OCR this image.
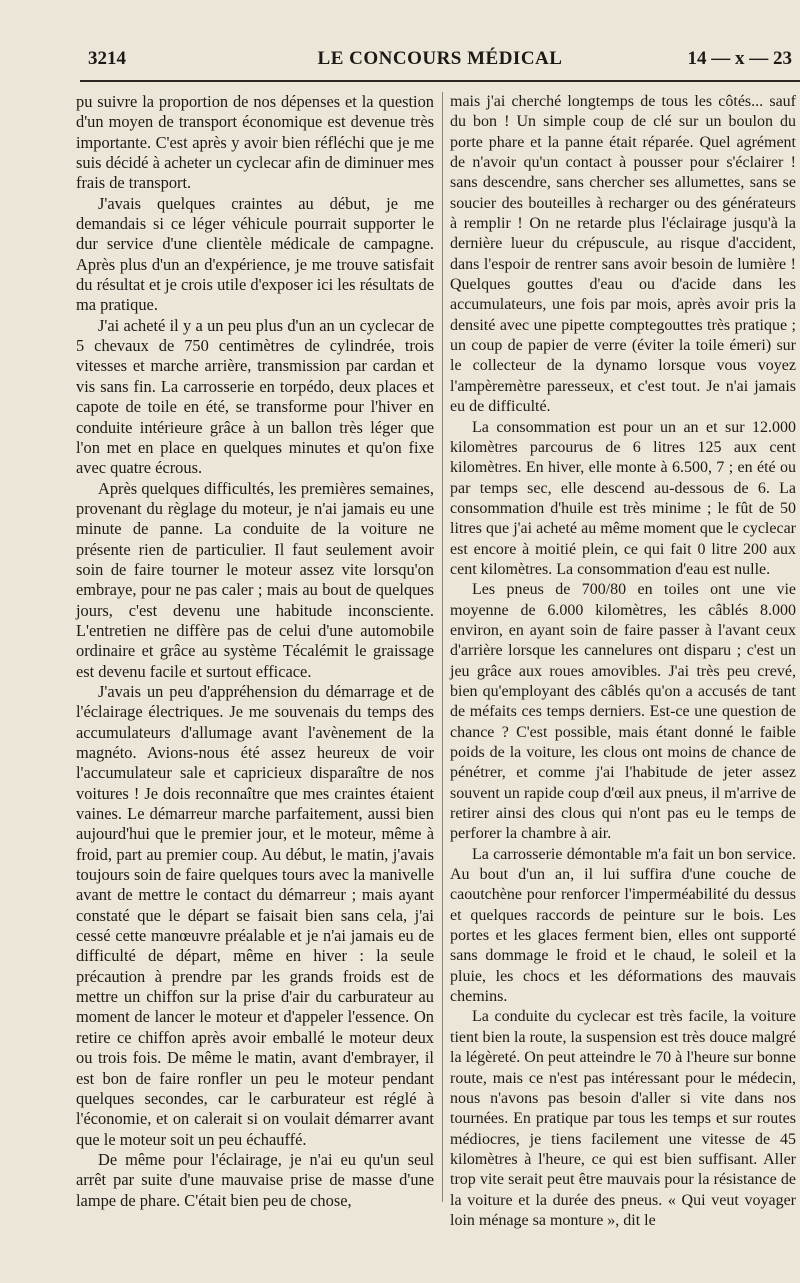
3214	LE CONCOURS MÉDICAL	14 — x — 23

pu suivre la proportion de nos dépenses et la question d'un moyen de transport économique est devenue très importante. C'est après y avoir bien réfléchi que je me suis décidé à acheter un cyclecar afin de diminuer mes frais de transport.

J'avais quelques craintes au début, je me demandais si ce léger véhicule pourrait supporter le dur service d'une clientèle médicale de campagne. Après plus d'un an d'expérience, je me trouve satisfait du résultat et je crois utile d'exposer ici les résultats de ma pratique.

J'ai acheté il y a un peu plus d'un an un cyclecar de 5 chevaux de 750 centimètres de cylindrée, trois vitesses et marche arrière, transmission par cardan et vis sans fin. La carrosserie en torpédo, deux places et capote de toile en été, se transforme pour l'hiver en conduite intérieure grâce à un ballon très léger que l'on met en place en quelques minutes et qu'on fixe avec quatre écrous.

Après quelques difficultés, les premières semaines, provenant du règlage du moteur, je n'ai jamais eu une minute de panne. La conduite de la voiture ne présente rien de particulier. Il faut seulement avoir soin de faire tourner le moteur assez vite lorsqu'on embraye, pour ne pas caler ; mais au bout de quelques jours, c'est devenu une habitude inconsciente. L'entretien ne diffère pas de celui d'une automobile ordinaire et grâce au système Técalémit le graissage est devenu facile et surtout efficace.

J'avais un peu d'appréhension du démarrage et de l'éclairage électriques. Je me souvenais du temps des accumulateurs d'allumage avant l'avènement de la magnéto. Avions-nous été assez heureux de voir l'accumulateur sale et capricieux disparaître de nos voitures ! Je dois reconnaître que mes craintes étaient vaines. Le démarreur marche parfaitement, aussi bien aujourd'hui que le premier jour, et le moteur, même à froid, part au premier coup. Au début, le matin, j'avais toujours soin de faire quelques tours avec la manivelle avant de mettre le contact du démarreur ; mais ayant constaté que le départ se faisait bien sans cela, j'ai cessé cette manœuvre préalable et je n'ai jamais eu de difficulté de départ, même en hiver : la seule précaution à prendre par les grands froids est de mettre un chiffon sur la prise d'air du carburateur au moment de lancer le moteur et d'appeler l'essence. On retire ce chiffon après avoir emballé le moteur deux ou trois fois. De même le matin, avant d'embrayer, il est bon de faire ronfler un peu le moteur pendant quelques secondes, car le carburateur est réglé à l'économie, et on calerait si on voulait démarrer avant que le moteur soit un peu échauffé.

De même pour l'éclairage, je n'ai eu qu'un seul arrêt par suite d'une mauvaise prise de masse d'une lampe de phare. C'était bien peu de chose,

mais j'ai cherché longtemps de tous les côtés... sauf du bon ! Un simple coup de clé sur un boulon du porte phare et la panne était réparée. Quel agrément de n'avoir qu'un contact à pousser pour s'éclairer ! sans descendre, sans chercher ses allumettes, sans se soucier des bouteilles à recharger ou des générateurs à remplir ! On ne retarde plus l'éclairage jusqu'à la dernière lueur du crépuscule, au risque d'accident, dans l'espoir de rentrer sans avoir besoin de lumière ! Quelques gouttes d'eau ou d'acide dans les accumulateurs, une fois par mois, après avoir pris la densité avec une pipette comptegouttes très pratique ; un coup de papier de verre (éviter la toile émeri) sur le collecteur de la dynamo lorsque vous voyez l'ampèremètre paresseux, et c'est tout. Je n'ai jamais eu de difficulté.

La consommation est pour un an et sur 12.000 kilomètres parcourus de 6 litres 125 aux cent kilomètres. En hiver, elle monte à 6.500, 7 ; en été ou par temps sec, elle descend au-dessous de 6. La consommation d'huile est très minime ; le fût de 50 litres que j'ai acheté au même moment que le cyclecar est encore à moitié plein, ce qui fait 0 litre 200 aux cent kilomètres. La consommation d'eau est nulle.

Les pneus de 700/80 en toiles ont une vie moyenne de 6.000 kilomètres, les câblés 8.000 environ, en ayant soin de faire passer à l'avant ceux d'arrière lorsque les cannelures ont disparu ; c'est un jeu grâce aux roues amovibles. J'ai très peu crevé, bien qu'employant des câblés qu'on a accusés de tant de méfaits ces temps derniers. Est-ce une question de chance ? C'est possible, mais étant donné le faible poids de la voiture, les clous ont moins de chance de pénétrer, et comme j'ai l'habitude de jeter assez souvent un rapide coup d'œil aux pneus, il m'arrive de retirer ainsi des clous qui n'ont pas eu le temps de perforer la chambre à air.

La carrosserie démontable m'a fait un bon service. Au bout d'un an, il lui suffira d'une couche de caoutchène pour renforcer l'imperméabilité du dessus et quelques raccords de peinture sur le bois. Les portes et les glaces ferment bien, elles ont supporté sans dommage le froid et le chaud, le soleil et la pluie, les chocs et les déformations des mauvais chemins.

La conduite du cyclecar est très facile, la voiture tient bien la route, la suspension est très douce malgré la légèreté. On peut atteindre le 70 à l'heure sur bonne route, mais ce n'est pas intéressant pour le médecin, nous n'avons pas besoin d'aller si vite dans nos tournées. En pratique par tous les temps et sur routes médiocres, je tiens facilement une vitesse de 45 kilomètres à l'heure, ce qui est bien suffisant. Aller trop vite serait peut être mauvais pour la résistance de la voiture et la durée des pneus. « Qui veut voyager loin ménage sa monture », dit le
